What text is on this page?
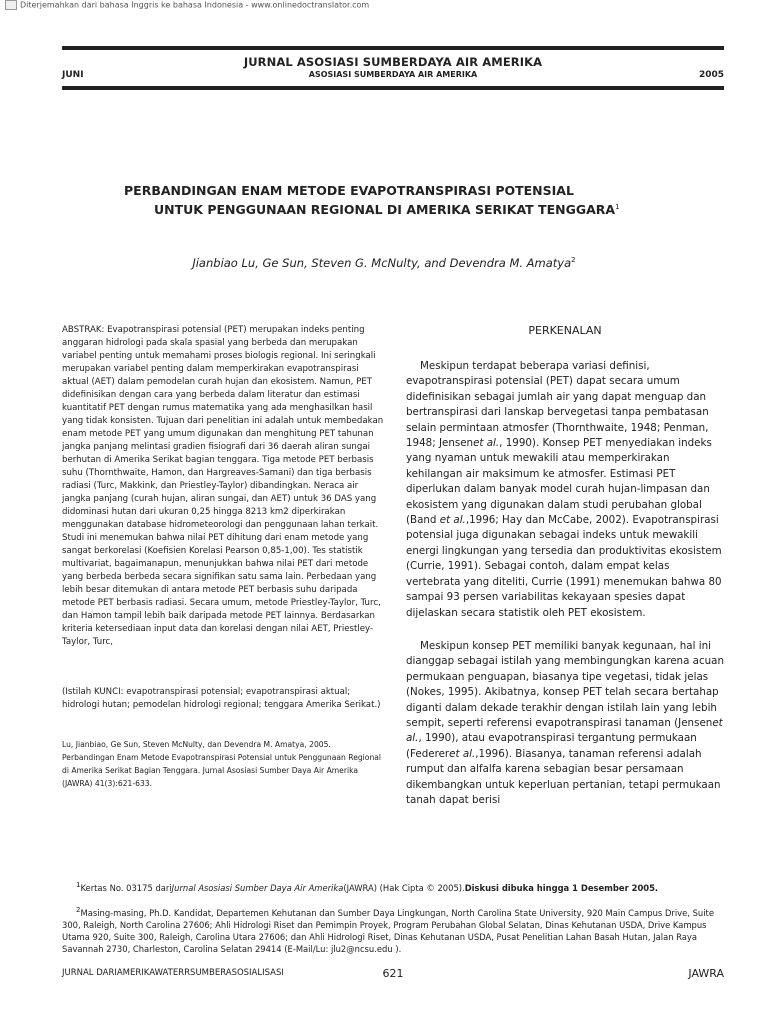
Diterjemahkan dari bahasa Inggris ke bahasa Indonesia - www.onlinedoctranslator.com
JURNAL ASOSIASI SUMBERDAYA AIR AMERIKA
JUNI	ASOSIASI SUMBERDAYA AIR AMERIKA	2005
PERBANDINGAN ENAM METODE EVAPOTRANSPIRASI POTENSIAL
UNTUK PENGGUNAAN REGIONAL DI AMERIKA SERIKAT TENGGARA$^1$
Jianbiao Lu, Ge Sun, Steven G. McNulty, and Devendra M. Amatya$^2$

ABSTRAK: Evapotranspirasi potensial (PET) merupakan indeks penting anggaran hidrologi pada skala spasial yang berbeda dan merupakan variabel penting untuk memahami proses biologis regional. Ini seringkali merupakan variabel penting dalam memperkirakan evapotranspirasi aktual (AET) dalam pemodelan curah hujan dan ekosistem. Namun, PET didefinisikan dengan cara yang berbeda dalam literatur dan estimasi kuantitatif PET dengan rumus matematika yang ada menghasilkan hasil yang tidak konsisten. Tujuan dari penelitian ini adalah untuk membedakan enam metode PET yang umum digunakan dan menghitung PET tahunan jangka panjang melintasi gradien fisiografi dari 36 daerah aliran sungai berhutan di Amerika Serikat bagian tenggara. Tiga metode PET berbasis suhu (Thornthwaite, Hamon, dan Hargreaves-Samani) dan tiga berbasis radiasi (Turc, Makkink, dan Priestley-Taylor) dibandingkan. Neraca air jangka panjang (curah hujan, aliran sungai, dan AET) untuk 36 DAS yang didominasi hutan dari ukuran 0,25 hingga 8213 km2 diperkirakan menggunakan database hidrometeorologi dan penggunaan lahan terkait. Studi ini menemukan bahwa nilai PET dihitung dari enam metode yang sangat berkorelasi (Koefisien Korelasi Pearson 0,85-1,00). Tes statistik multivariat, bagaimanapun, menunjukkan bahwa nilai PET dari metode yang berbeda berbeda secara signifikan satu sama lain. Perbedaan yang lebih besar ditemukan di antara metode PET berbasis suhu daripada metode PET berbasis radiasi. Secara umum, metode Priestley-Taylor, Turc, dan Hamon tampil lebih baik daripada metode PET lainnya. Berdasarkan kriteria ketersediaan input data dan korelasi dengan nilai AET, Priestley-Taylor, Turc,

(Istilah KUNCI: evapotranspirasi potensial; evapotranspirasi aktual; hidrologi hutan; pemodelan hidrologi regional; tenggara Amerika Serikat.)

Lu, Jianbiao, Ge Sun, Steven McNulty, dan Devendra M. Amatya, 2005. Perbandingan Enam Metode Evapotranspirasi Potensial untuk Penggunaan Regional di Amerika Serikat Bagian Tenggara. Jurnal Asosiasi Sumber Daya Air Amerika (JAWRA) 41(3):621-633.

PERKENALAN

Meskipun terdapat beberapa variasi definisi, evapotranspirasi potensial (PET) dapat secara umum didefinisikan sebagai jumlah air yang dapat menguap dan bertranspirasi dari lanskap bervegetasi tanpa pembatasan selain permintaan atmosfer (Thornthwaite, 1948; Penman, 1948; Jensenet al., 1990). Konsep PET menyediakan indeks yang nyaman untuk mewakili atau memperkirakan kehilangan air maksimum ke atmosfer. Estimasi PET diperlukan dalam banyak model curah hujan-limpasan dan ekosistem yang digunakan dalam studi perubahan global (Band et al.,1996; Hay dan McCabe, 2002). Evapotranspirasi potensial juga digunakan sebagai indeks untuk mewakili energi lingkungan yang tersedia dan produktivitas ekosistem (Currie, 1991). Sebagai contoh, dalam empat kelas vertebrata yang diteliti, Currie (1991) menemukan bahwa 80 sampai 93 persen variabilitas kekayaan spesies dapat dijelaskan secara statistik oleh PET ekosistem.

Meskipun konsep PET memiliki banyak kegunaan, hal ini dianggap sebagai istilah yang membingungkan karena acuan permukaan penguapan, biasanya tipe vegetasi, tidak jelas (Nokes, 1995). Akibatnya, konsep PET telah secara bertahap diganti dalam dekade terakhir dengan istilah lain yang lebih sempit, seperti referensi evapotranspirasi tanaman (Jensenet al., 1990), atau evapotranspirasi tergantung permukaan (Federeret al.,1996). Biasanya, tanaman referensi adalah rumput dan alfalfa karena sebagian besar persamaan dikembangkan untuk keperluan pertanian, tetapi permukaan tanah dapat berisi

$^1$Kertas No. 03175 dariJurnal Asosiasi Sumber Daya Air Amerika(JAWRA) (Hak Cipta © 2005).Diskusi dibuka hingga 1 Desember 2005.
$^2$Masing-masing, Ph.D. Kandidat, Departemen Kehutanan dan Sumber Daya Lingkungan, North Carolina State University, 920 Main Campus Drive, Suite 300, Raleigh, North Carolina 27606; Ahli Hidrologi Riset dan Pemimpin Proyek, Program Perubahan Global Selatan, Dinas Kehutanan USDA, Drive Kampus Utama 920, Suite 300, Raleigh, Carolina Utara 27606; dan Ahli Hidrologi Riset, Dinas Kehutanan USDA, Pusat Penelitian Lahan Basah Hutan, Jalan Raya Savannah 2730, Charleston, Carolina Selatan 29414 (E-Mail/Lu: jlu2@ncsu.edu ).
JURNAL DARIAMERIKAWATERRSUMBERASOSIALISASI	621	JAWRA
